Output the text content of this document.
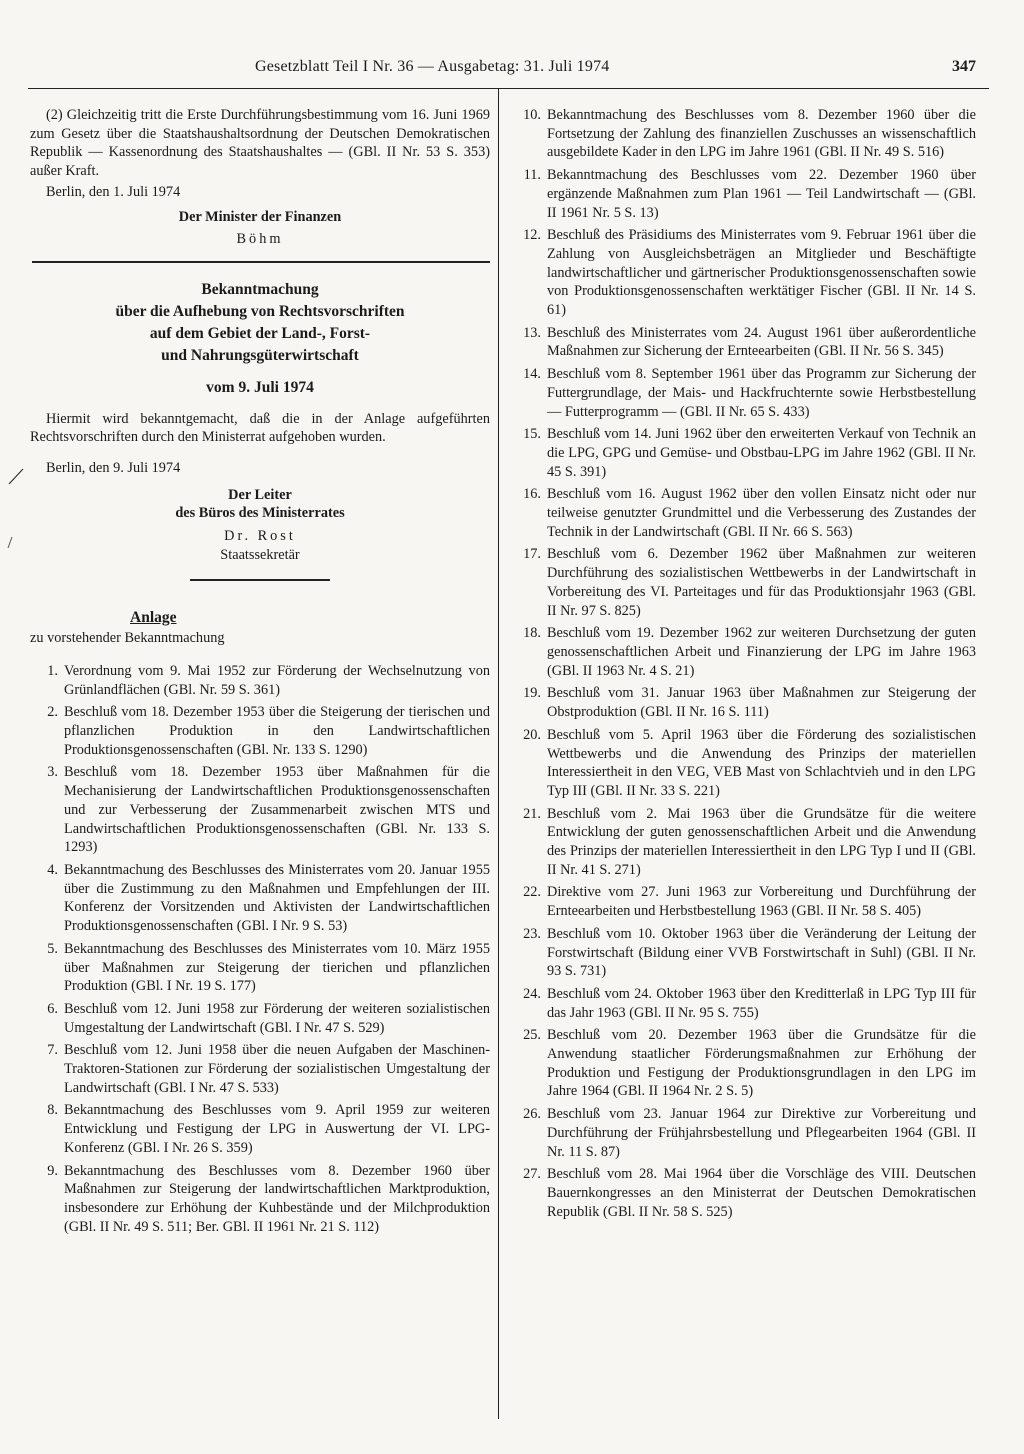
Gesetzblatt Teil I Nr. 36 — Ausgabetag: 31. Juli 1974	347

(2) Gleichzeitig tritt die Erste Durchführungsbestimmung vom 16. Juni 1969 zum Gesetz über die Staatshaushaltsordnung der Deutschen Demokratischen Republik — Kassenordnung des Staatshaushaltes — (GBl. II Nr. 53 S. 353) außer Kraft.

Berlin, den 1. Juli 1974

Der Minister der Finanzen

Böhm

Bekanntmachung
über die Aufhebung von Rechtsvorschriften
auf dem Gebiet der Land-, Forst-
und Nahrungsgüterwirtschaft
vom 9. Juli 1974

Hiermit wird bekanntgemacht, daß die in der Anlage aufgeführten Rechtsvorschriften durch den Ministerrat aufgehoben wurden.

Berlin, den 9. Juli 1974

Der Leiter

des Büros des Ministerrates

Dr. Rost

Staatssekretär

Anlage

zu vorstehender Bekanntmachung

1. Verordnung vom 9. Mai 1952 zur Förderung der Wechselnutzung von Grünlandflächen (GBl. Nr. 59 S. 361)
2. Beschluß vom 18. Dezember 1953 über die Steigerung der tierischen und pflanzlichen Produktion in den Landwirtschaftlichen Produktionsgenossenschaften (GBl. Nr. 133 S. 1290)
3. Beschluß vom 18. Dezember 1953 über Maßnahmen für die Mechanisierung der Landwirtschaftlichen Produktionsgenossenschaften und zur Verbesserung der Zusammenarbeit zwischen MTS und Landwirtschaftlichen Produktionsgenossenschaften (GBl. Nr. 133 S. 1293)
4. Bekanntmachung des Beschlusses des Ministerrates vom 20. Januar 1955 über die Zustimmung zu den Maßnahmen und Empfehlungen der III. Konferenz der Vorsitzenden und Aktivisten der Landwirtschaftlichen Produktionsgenossenschaften (GBl. I Nr. 9 S. 53)
5. Bekanntmachung des Beschlusses des Ministerrates vom 10. März 1955 über Maßnahmen zur Steigerung der tierichen und pflanzlichen Produktion (GBl. I Nr. 19 S. 177)
6. Beschluß vom 12. Juni 1958 zur Förderung der weiteren sozialistischen Umgestaltung der Landwirtschaft (GBl. I Nr. 47 S. 529)
7. Beschluß vom 12. Juni 1958 über die neuen Aufgaben der Maschinen-Traktoren-Stationen zur Förderung der sozialistischen Umgestaltung der Landwirtschaft (GBl. I Nr. 47 S. 533)
8. Bekanntmachung des Beschlusses vom 9. April 1959 zur weiteren Entwicklung und Festigung der LPG in Auswertung der VI. LPG-Konferenz (GBl. I Nr. 26 S. 359)
9. Bekanntmachung des Beschlusses vom 8. Dezember 1960 über Maßnahmen zur Steigerung der landwirtschaftlichen Marktproduktion, insbesondere zur Erhöhung der Kuhbestände und der Milchproduktion (GBl. II Nr. 49 S. 511; Ber. GBl. II 1961 Nr. 21 S. 112)
10. Bekanntmachung des Beschlusses vom 8. Dezember 1960 über die Fortsetzung der Zahlung des finanziellen Zuschusses an wissenschaftlich ausgebildete Kader in den LPG im Jahre 1961 (GBl. II Nr. 49 S. 516)
11. Bekanntmachung des Beschlusses vom 22. Dezember 1960 über ergänzende Maßnahmen zum Plan 1961 — Teil Landwirtschaft — (GBl. II 1961 Nr. 5 S. 13)
12. Beschluß des Präsidiums des Ministerrates vom 9. Februar 1961 über die Zahlung von Ausgleichsbeträgen an Mitglieder und Beschäftigte landwirtschaftlicher und gärtnerischer Produktionsgenossenschaften sowie von Produktionsgenossenschaften werktätiger Fischer (GBl. II Nr. 14 S. 61)
13. Beschluß des Ministerrates vom 24. August 1961 über außerordentliche Maßnahmen zur Sicherung der Ernteearbeiten (GBl. II Nr. 56 S. 345)
14. Beschluß vom 8. September 1961 über das Programm zur Sicherung der Futtergrundlage, der Mais- und Hackfruchternte sowie Herbstbestellung — Futterprogramm — (GBl. II Nr. 65 S. 433)
15. Beschluß vom 14. Juni 1962 über den erweiterten Verkauf von Technik an die LPG, GPG und Gemüse- und Obstbau-LPG im Jahre 1962 (GBl. II Nr. 45 S. 391)
16. Beschluß vom 16. August 1962 über den vollen Einsatz nicht oder nur teilweise genutzter Grundmittel und die Verbesserung des Zustandes der Technik in der Landwirtschaft (GBl. II Nr. 66 S. 563)
17. Beschluß vom 6. Dezember 1962 über Maßnahmen zur weiteren Durchführung des sozialistischen Wettbewerbs in der Landwirtschaft in Vorbereitung des VI. Parteitages und für das Produktionsjahr 1963 (GBl. II Nr. 97 S. 825)
18. Beschluß vom 19. Dezember 1962 zur weiteren Durchsetzung der guten genossenschaftlichen Arbeit und Finanzierung der LPG im Jahre 1963 (GBl. II 1963 Nr. 4 S. 21)
19. Beschluß vom 31. Januar 1963 über Maßnahmen zur Steigerung der Obstproduktion (GBl. II Nr. 16 S. 111)
20. Beschluß vom 5. April 1963 über die Förderung des sozialistischen Wettbewerbs und die Anwendung des Prinzips der materiellen Interessiertheit in den VEG, VEB Mast von Schlachtvieh und in den LPG Typ III (GBl. II Nr. 33 S. 221)
21. Beschluß vom 2. Mai 1963 über die Grundsätze für die weitere Entwicklung der guten genossenschaftlichen Arbeit und die Anwendung des Prinzips der materiellen Interessiertheit in den LPG Typ I und II (GBl. II Nr. 41 S. 271)
22. Direktive vom 27. Juni 1963 zur Vorbereitung und Durchführung der Ernteearbeiten und Herbstbestellung 1963 (GBl. II Nr. 58 S. 405)
23. Beschluß vom 10. Oktober 1963 über die Veränderung der Leitung der Forstwirtschaft (Bildung einer VVB Forstwirtschaft in Suhl) (GBl. II Nr. 93 S. 731)
24. Beschluß vom 24. Oktober 1963 über den Kreditterlaß in LPG Typ III für das Jahr 1963 (GBl. II Nr. 95 S. 755)
25. Beschluß vom 20. Dezember 1963 über die Grundsätze für die Anwendung staatlicher Förderungsmaßnahmen zur Erhöhung der Produktion und Festigung der Produktionsgrundlagen in den LPG im Jahre 1964 (GBl. II 1964 Nr. 2 S. 5)
26. Beschluß vom 23. Januar 1964 zur Direktive zur Vorbereitung und Durchführung der Frühjahrsbestellung und Pflegearbeiten 1964 (GBl. II Nr. 11 S. 87)
27. Beschluß vom 28. Mai 1964 über die Vorschläge des VIII. Deutschen Bauernkongresses an den Ministerrat der Deutschen Demokratischen Republik (GBl. II Nr. 58 S. 525)
